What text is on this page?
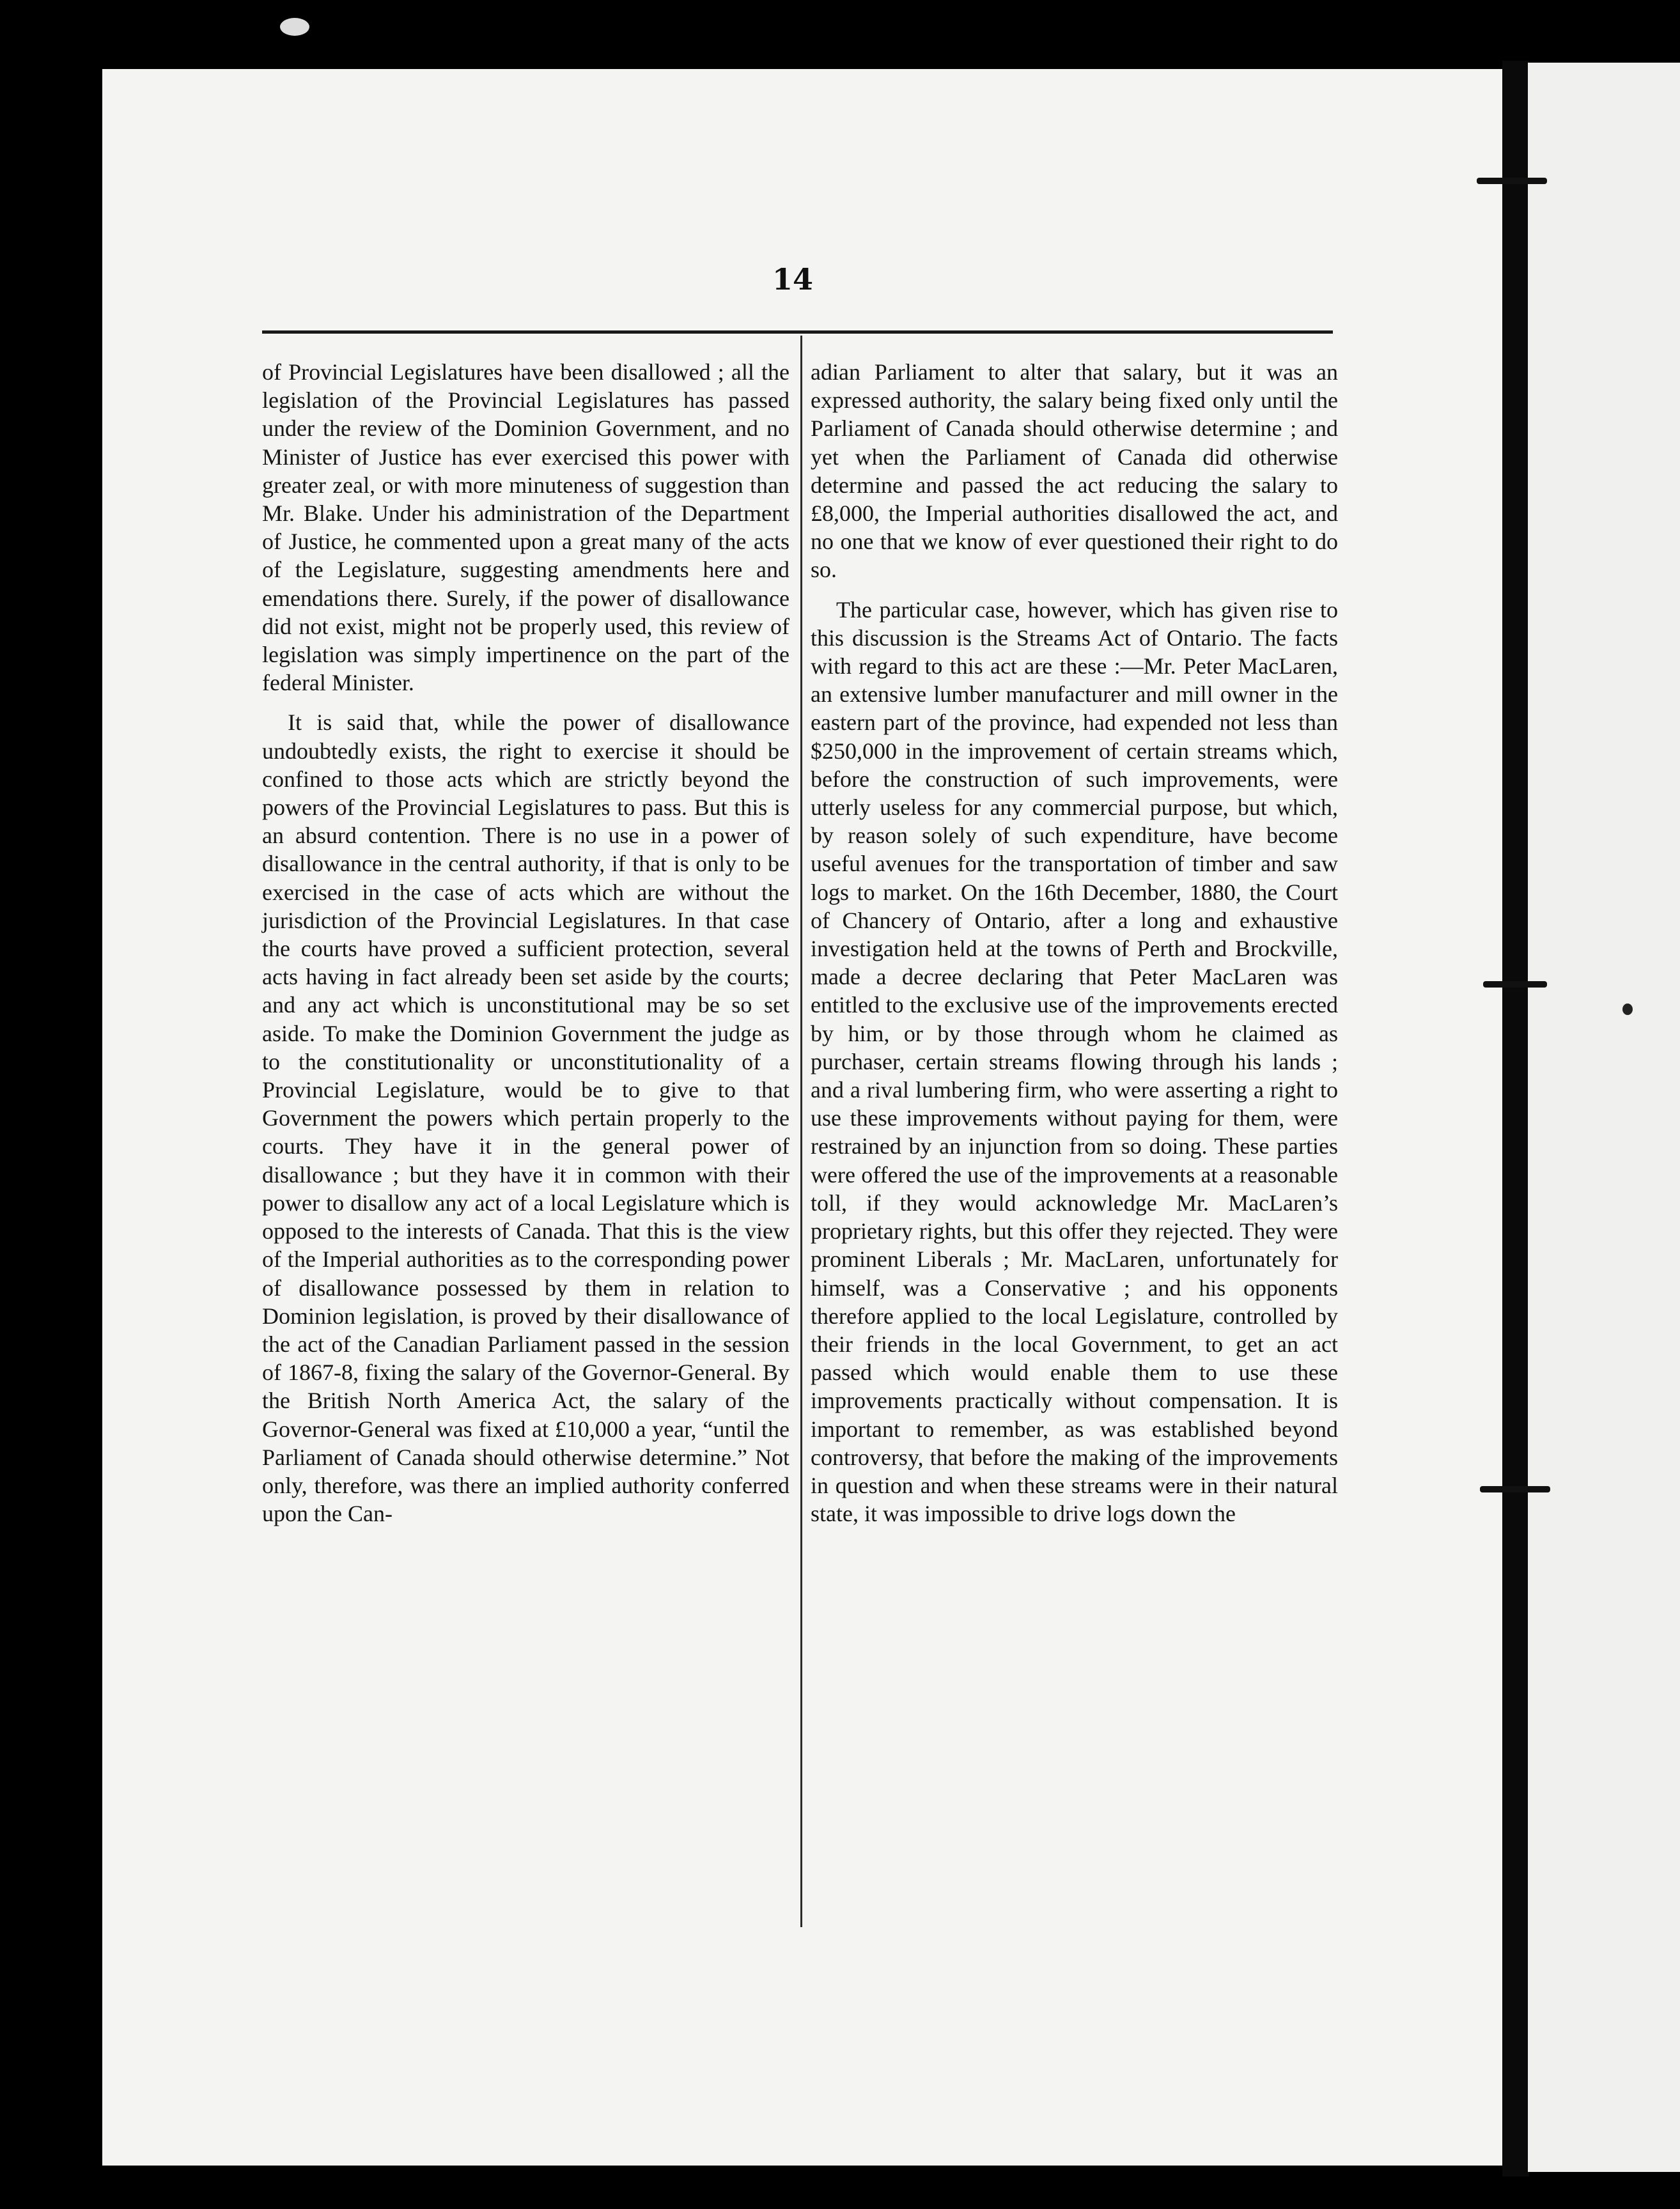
14

of Provincial Legislatures have been disallowed ; all the legislation of the Provincial Legislatures has passed under the review of the Dominion Government, and no Minister of Justice has ever exercised this power with greater zeal, or with more minuteness of suggestion than Mr. Blake. Under his administration of the Department of Justice, he commented upon a great many of the acts of the Legislature, suggesting amendments here and emendations there. Surely, if the power of disallowance did not exist, might not be properly used, this review of legislation was simply impertinence on the part of the federal Minister.

It is said that, while the power of disallowance undoubtedly exists, the right to exercise it should be confined to those acts which are strictly beyond the powers of the Provincial Legislatures to pass. But this is an absurd contention. There is no use in a power of disallowance in the central authority, if that is only to be exercised in the case of acts which are without the jurisdiction of the Provincial Legislatures. In that case the courts have proved a sufficient protection, several acts having in fact already been set aside by the courts; and any act which is unconstitutional may be so set aside. To make the Dominion Government the judge as to the constitutionality or unconstitutionality of a Provincial Legislature, would be to give to that Government the powers which pertain properly to the courts. They have it in the general power of disallowance ; but they have it in common with their power to disallow any act of a local Legislature which is opposed to the interests of Canada. That this is the view of the Imperial authorities as to the corresponding power of disallowance possessed by them in relation to Dominion legislation, is proved by their disallowance of the act of the Canadian Parliament passed in the session of 1867-8, fixing the salary of the Governor-General. By the British North America Act, the salary of the Governor-General was fixed at £10,000 a year, “until the Parliament of Canada should otherwise determine.” Not only, therefore, was there an implied authority conferred upon the Can-

adian Parliament to alter that salary, but it was an expressed authority, the salary being fixed only until the Parliament of Canada should otherwise determine ; and yet when the Parliament of Canada did otherwise determine and passed the act reducing the salary to £8,000, the Imperial authorities disallowed the act, and no one that we know of ever questioned their right to do so.

The particular case, however, which has given rise to this discussion is the Streams Act of Ontario. The facts with regard to this act are these :—Mr. Peter MacLaren, an extensive lumber manufacturer and mill owner in the eastern part of the province, had expended not less than $250,000 in the improvement of certain streams which, before the construction of such improvements, were utterly useless for any commercial purpose, but which, by reason solely of such expenditure, have become useful avenues for the transportation of timber and saw logs to market. On the 16th December, 1880, the Court of Chancery of Ontario, after a long and exhaustive investigation held at the towns of Perth and Brockville, made a decree declaring that Peter MacLaren was entitled to the exclusive use of the improvements erected by him, or by those through whom he claimed as purchaser, certain streams flowing through his lands ; and a rival lumbering firm, who were asserting a right to use these improvements without paying for them, were restrained by an injunction from so doing. These parties were offered the use of the improvements at a reasonable toll, if they would acknowledge Mr. MacLaren’s proprietary rights, but this offer they rejected. They were prominent Liberals ; Mr. MacLaren, unfortunately for himself, was a Conservative ; and his opponents therefore applied to the local Legislature, controlled by their friends in the local Government, to get an act passed which would enable them to use these improvements practically without compensation. It is important to remember, as was established beyond controversy, that before the making of the improvements in question and when these streams were in their natural state, it was impossible to drive logs down the
